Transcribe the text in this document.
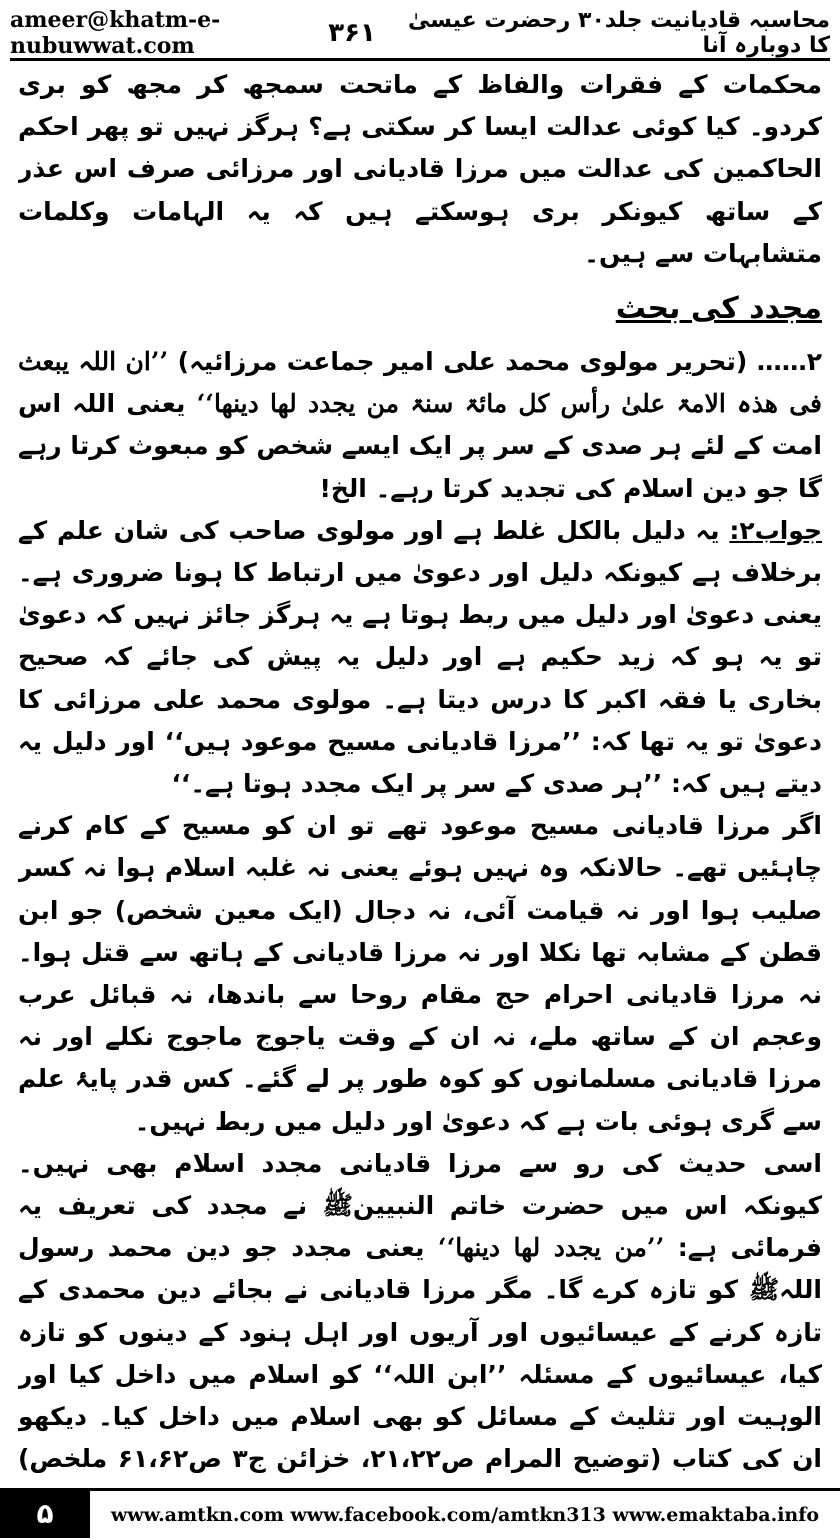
ameer@khatm-e-nubuwwat.com
محاسبہ قادیانیت جلد۳۰ رحضرت عیسیٰ کا دوبارہ آنا
۳۶۱

محکمات کے فقرات والفاظ کے ماتحت سمجھ کر مجھ کو بری کردو۔ کیا کوئی عدالت ایسا کر سکتی ہے؟ ہرگز نہیں تو پھر احکم الحاکمین کی عدالت میں مرزا قادیانی اور مرزائی صرف اس عذر کے ساتھ کیونکر بری ہوسکتے ہیں کہ یہ الہامات وکلمات متشابہات سے ہیں۔

مجدد کی بحث

۲…… (تحریر مولوی محمد علی امیر جماعت مرزائیہ) ’’ان اللہ یبعث فی ھذہ الامۃ علیٰ رأس کل مائۃ سنۃ من یجدد لھا دینھا‘‘ یعنی اللہ اس امت کے لئے ہر صدی کے سر پر ایک ایسے شخص کو مبعوث کرتا رہے گا جو دین اسلام کی تجدید کرتا رہے۔ الخ!

جواب۲: یہ دلیل بالکل غلط ہے اور مولوی صاحب کی شان علم کے برخلاف ہے کیونکہ دلیل اور دعویٰ میں ارتباط کا ہونا ضروری ہے۔ یعنی دعویٰ اور دلیل میں ربط ہوتا ہے یہ ہرگز جائز نہیں کہ دعویٰ تو یہ ہو کہ زید حکیم ہے اور دلیل یہ پیش کی جائے کہ صحیح بخاری یا فقہ اکبر کا درس دیتا ہے۔ مولوی محمد علی مرزائی کا دعویٰ تو یہ تھا کہ: ’’مرزا قادیانی مسیح موعود ہیں‘‘ اور دلیل یہ دیتے ہیں کہ: ’’ہر صدی کے سر پر ایک مجدد ہوتا ہے۔‘‘

اگر مرزا قادیانی مسیح موعود تھے تو ان کو مسیح کے کام کرنے چاہئیں تھے۔ حالانکہ وہ نہیں ہوئے یعنی نہ غلبہ اسلام ہوا نہ کسر صلیب ہوا اور نہ قیامت آئی، نہ دجال (ایک معین شخص) جو ابن قطن کے مشابہ تھا نکلا اور نہ مرزا قادیانی کے ہاتھ سے قتل ہوا۔ نہ مرزا قادیانی احرام حج مقام روحا سے باندھا، نہ قبائل عرب وعجم ان کے ساتھ ملے، نہ ان کے وقت یاجوج ماجوج نکلے اور نہ مرزا قادیانی مسلمانوں کو کوہ طور پر لے گئے۔ کس قدر پایۂ علم سے گری ہوئی بات ہے کہ دعویٰ اور دلیل میں ربط نہیں۔

اسی حدیث کی رو سے مرزا قادیانی مجدد اسلام بھی نہیں۔ کیونکہ اس میں حضرت خاتم النبیینﷺ نے مجدد کی تعریف یہ فرمائی ہے: ’’من یجدد لھا دینھا‘‘ یعنی مجدد جو دین محمد رسول اللہﷺ کو تازہ کرے گا۔ مگر مرزا قادیانی نے بجائے دین محمدی کے تازہ کرنے کے عیسائیوں اور آریوں اور اہل ہنود کے دینوں کو تازہ کیا، عیسائیوں کے مسئلہ ’’ابن اللہ‘‘ کو اسلام میں داخل کیا اور الوہیت اور تثلیث کے مسائل کو بھی اسلام میں داخل کیا۔ دیکھو ان کی کتاب (توضیح المرام ص۲۱،۲۲، خزائن ج۳ ص۶۱،۶۲ ملخص)

۵	www.amtkn.com www.facebook.com/amtkn313 www.emaktaba.info
